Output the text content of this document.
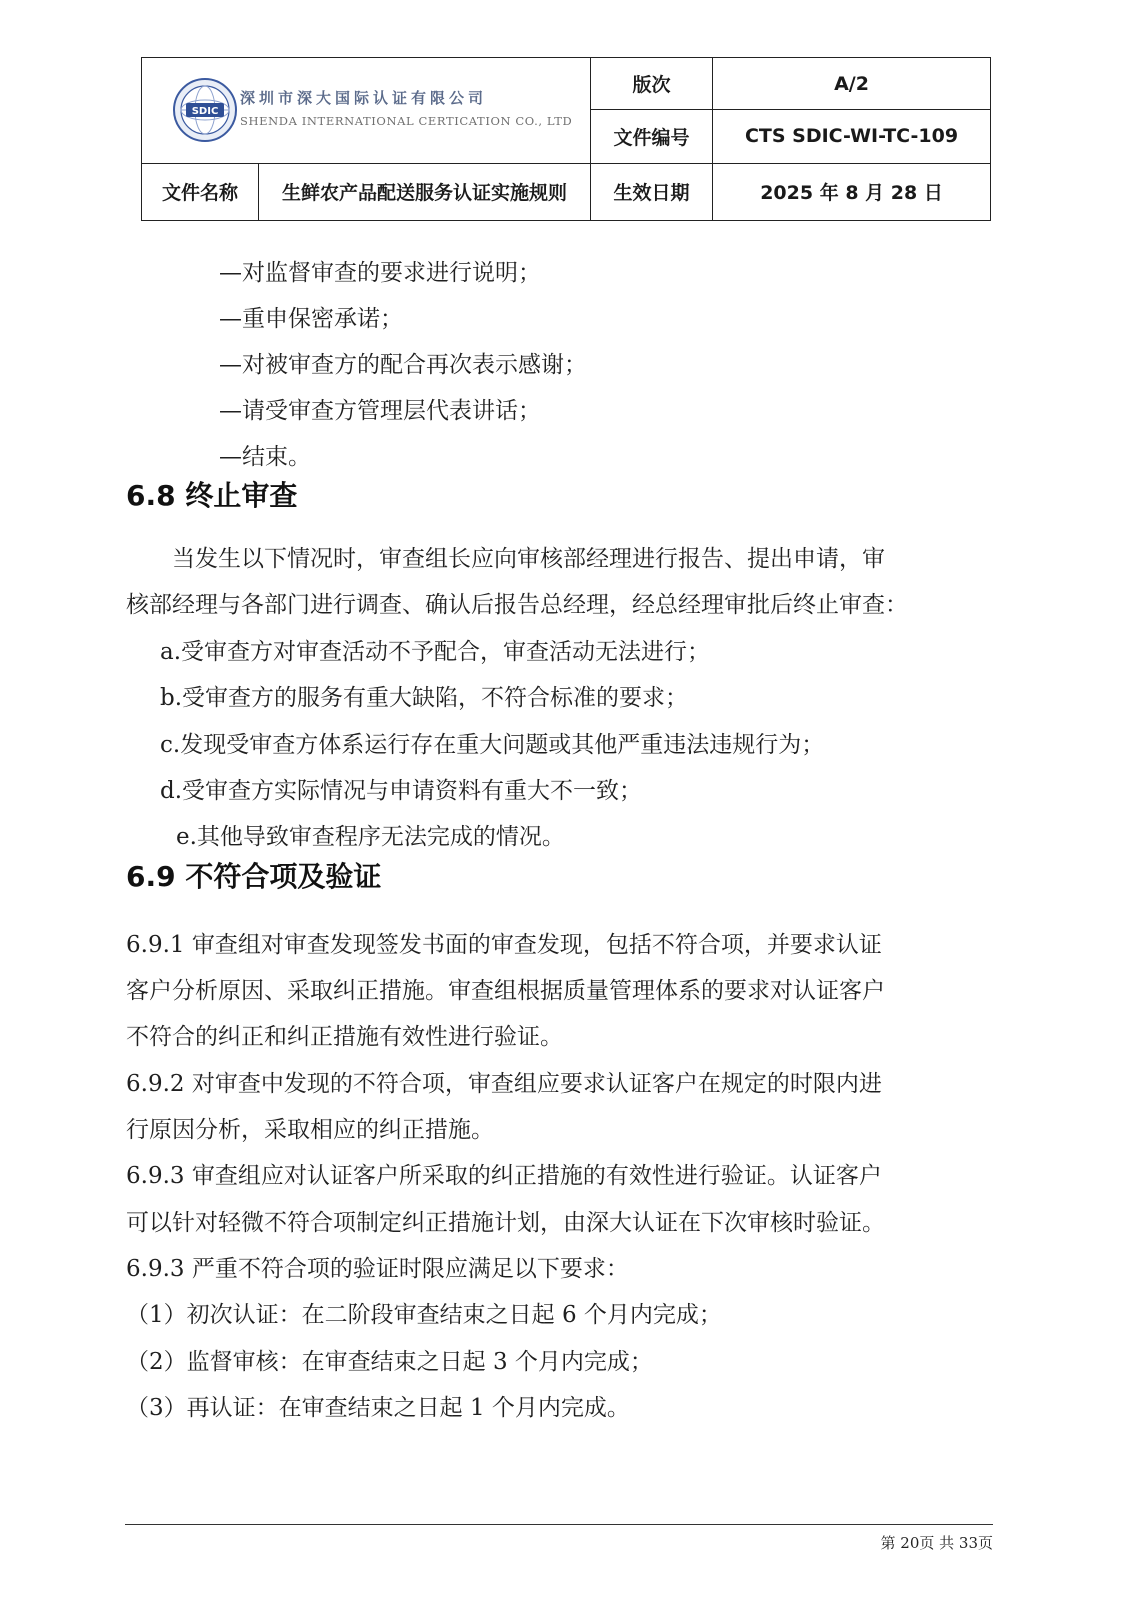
SDIC
深圳市深大国际认证有限公司
SHENDA INTERNATIONAL CERTICATION CO., LTD		版次	A/2
		文件编号	CTS SDIC-WI-TC-109
文件名称	生鲜农产品配送服务认证实施规则	生效日期	2025 年 8 月 28 日

—对监督审查的要求进行说明；

—重申保密承诺；

—对被审查方的配合再次表示感谢；

—请受审查方管理层代表讲话；

—结束。

6.8 终止审查

当发生以下情况时，审查组长应向审核部经理进行报告、提出申请，审

核部经理与各部门进行调查、确认后报告总经理，经总经理审批后终止审查：

a.受审查方对审查活动不予配合，审查活动无法进行；

b.受审查方的服务有重大缺陷，不符合标准的要求；

c.发现受审查方体系运行存在重大问题或其他严重违法违规行为；

d.受审查方实际情况与申请资料有重大不一致；

e.其他导致审查程序无法完成的情况。

6.9 不符合项及验证

6.9.1 审查组对审查发现签发书面的审查发现，包括不符合项，并要求认证

客户分析原因、采取纠正措施。审查组根据质量管理体系的要求对认证客户

不符合的纠正和纠正措施有效性进行验证。

6.9.2 对审查中发现的不符合项，审查组应要求认证客户在规定的时限内进

行原因分析，采取相应的纠正措施。

6.9.3 审查组应对认证客户所采取的纠正措施的有效性进行验证。认证客户

可以针对轻微不符合项制定纠正措施计划，由深大认证在下次审核时验证。

6.9.3 严重不符合项的验证时限应满足以下要求：

（1）初次认证：在二阶段审查结束之日起 6 个月内完成；

（2）监督审核：在审查结束之日起 3 个月内完成；

（3）再认证：在审查结束之日起 1 个月内完成。

第 20页 共 33页
